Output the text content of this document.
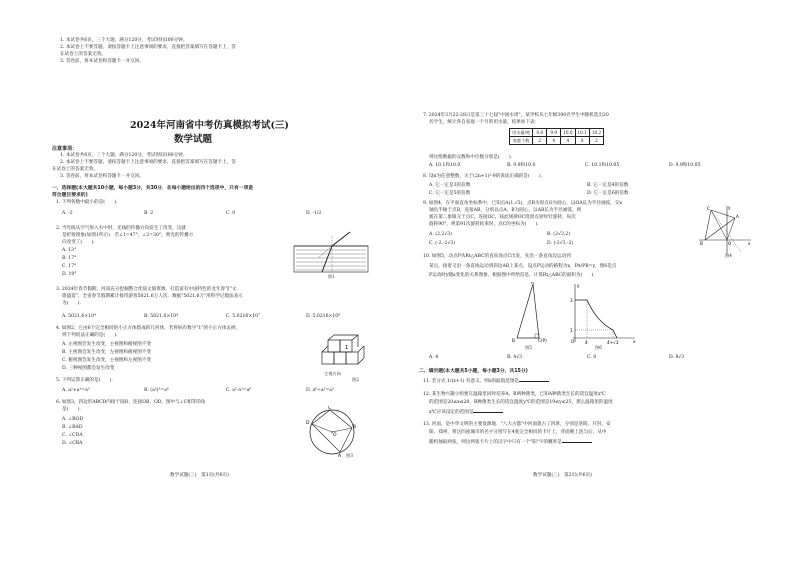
1. 本试卷共6页，三个大题，满分120分，考试时间100分钟。
2. 本试卷上不要答题，请按答题卡上注意事项的要求，直接把答案填写在答题卡上，答
在试卷上的答案无效。
3. 答卷前，将本试卷和答题卡一并交回。
2024年河南省中考仿真模拟考试(三)
数学试题
注意事项：
1. 本试卷共6页，三个大题，满分120分，考试时间100分钟。
2. 本试卷上不要答题，请按答题卡上注意事项的要求，直接把答案填写在答题卡上，答
在试卷上的答案无效。
3. 答卷前，将本试卷和答题卡一并交回。
一、选择题(本大题共10小题，每小题3分，共30分．在每小题给出的四个选项中，只有一项是
符合题目要求的)
1. 下列各数中最小的是(　　).
A. -2	B. 2	C. 0	D. -1/2
2. 当光线从空气射入水中时，光线的传播方向发生了改变，这就
是折射现象(如图1所示)．若∠1=47°，∠2=30°，则光的传播方
向改变了(　　).
A. 13°
B. 17°
C. 17°
D. 19°	图1
3. 2024年春节假期，河南充分挖掘整合优质文旅资源，打造富有中国特色的龙年春节"文
旅盛宴"，全省春节假期累计接待游客5021.6万人次．数据"5021.6万"用科学记数法表示
为(　　).
A. 5021.6×10⁴	B. 5021.6×10⁴	C. 5.0216×10⁷	D. 5.0216×10⁸
4. 如图2，它由6个完全相同的小正方体搭成的几何体，若将标有数字"1"的小正方体去掉，
则下列说法正确的是(　　).
A. 左视图会发生改变，主视图和俯视图不变
B. 主视图会发生改变，左视图和俯视图不变
C. 俯视图会发生改变，主视图和左视图不变
D. 三种视图都会发生改变
1
主视方向
图2
5. 下列运算正确的是(　　).
A. a²+a³=a⁵	B. (a²)³=a⁶	C. a²·a³=a⁶	D. a⁶÷a²=a³
6. 如图3，四边形ABCD内接于圆O，连接OB，OD，图中与∠C相等的角
是(　　).
A. ∠BOD
B. ∠BAD
C. ∠CDA
D. ∠CBA
D
C
B
A
O
图3
数学试题(三)　第1页(共6页)
7. 2024年3月22-28日是第三十七届"中国水周"，某学校从七年级300名学生中随机选出20
名学生，统计各自家庭一个月的用水量，结果如下表：
用水量/吨	9.8	9.9	10.0	10.1	10.2
家庭个数	2	4	4	8	2
则这组数据的众数和中位数分别是(　　).
A. 10.1和10.0	B. 9.9和10.0	C. 10.1和10.05	D. 9.9和10.05
8. 设n为任意整数，关于(2n+1)²-9的说法正确的是(　　).
A. 它一定是3的倍数	B. 它一定是4的倍数
C. 它一定是5的倍数	D. 它一定是6的倍数
9. 如图4，在平面直角坐标系中，已知点A(1,√3)，点B为原点O为圆心，以OA长为半径画弧，交x
轴负半轴于点B，连接AB，分别以点A，B为圆心，以AB长为半径画弧，两
弧在第二象限交于点C，连接OC，按此规律OC绕原点逆时针旋转，每次
旋转90°，则第91次旋转结束时，点C的坐标为(　　).
A. (2,2√3)	B. (2√3,2)
C. (-2,-2√3)	D. (-2√3,-2)
C
A
B	O	x
y
图4
10. 如图5，动点P从Rt△ABC的直角顶点C出发，先沿一条直角边运动到
某点，接着又沿一条直线运动到斜边AB上某点，设点P运动的路程为x，PA/PB=y，图6是点
P运动时y随x变化的关系图象，根据图中所给信息，计算Rt△ABC的面积为(　　).
A
B	C(P)
图5
3
1
O	4	4+√3	x
y
图6
A. 4	B. 4√3	C. 8	D. 8√3
二、填空题(本大题共5小题，每小题3分，共15分)
11. 若分式 1/(x+1) 有意义，则x的取值范围是
12. 某生物兴趣小组要在温箱里同时培养A，B两种菌类，已知A种菌类生长的适宜温度x℃
的范围是20≤x≤28，B种菌类生长的适宜温度y℃的范围是19≤y≤25，那么温箱里的温度
x℃应该设定的范围是
13. 河南，是中华文明的主要发源地．"八大古都"中河南就占了四席，分别是洛阳、开封、安
阳、郑州，将这四座城市的名字分别写在4张完全相同的卡片上，背面朝上洗匀后，从中
随机抽取两张，则这两张卡片上的汉字中只有一个"阳"字的概率是
数学试题(三)　第2页(共6页)
